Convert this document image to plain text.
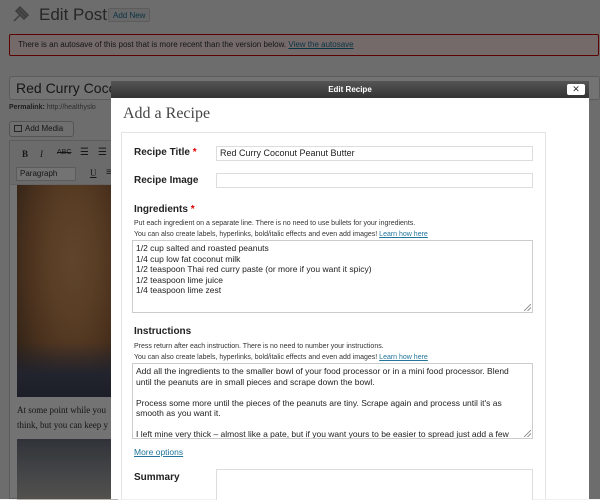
Edit Recipe	✕
Add a Recipe
Recipe Title *	Red Curry Coconut Peanut Butter
Recipe Image
Ingredients *
Put each ingredient on a separate line. There is no need to use bullets for your ingredients.
You can also create labels, hyperlinks, bold/italic effects and even add images! Learn how here
1/2 cup salted and roasted peanuts
1/4 cup low fat coconut milk
1/2 teaspoon Thai red curry paste (or more if you want it spicy)
1/2 teaspoon lime juice
1/4 teaspoon lime zest
Instructions
Press return after each instruction. There is no need to number your instructions.
You can also create labels, hyperlinks, bold/italic effects and even add images! Learn how here
Add all the ingredients to the smaller bowl of your food processor or in a mini food processor. Blend
until the peanuts are in small pieces and scrape down the bowl.
Process some more until the pieces of the peanuts are tiny. Scrape again and process until it's as
smooth as you want it.
I left mine very thick – almost like a pate, but if you want yours to be easier to spread just add a few
More options
Summary
